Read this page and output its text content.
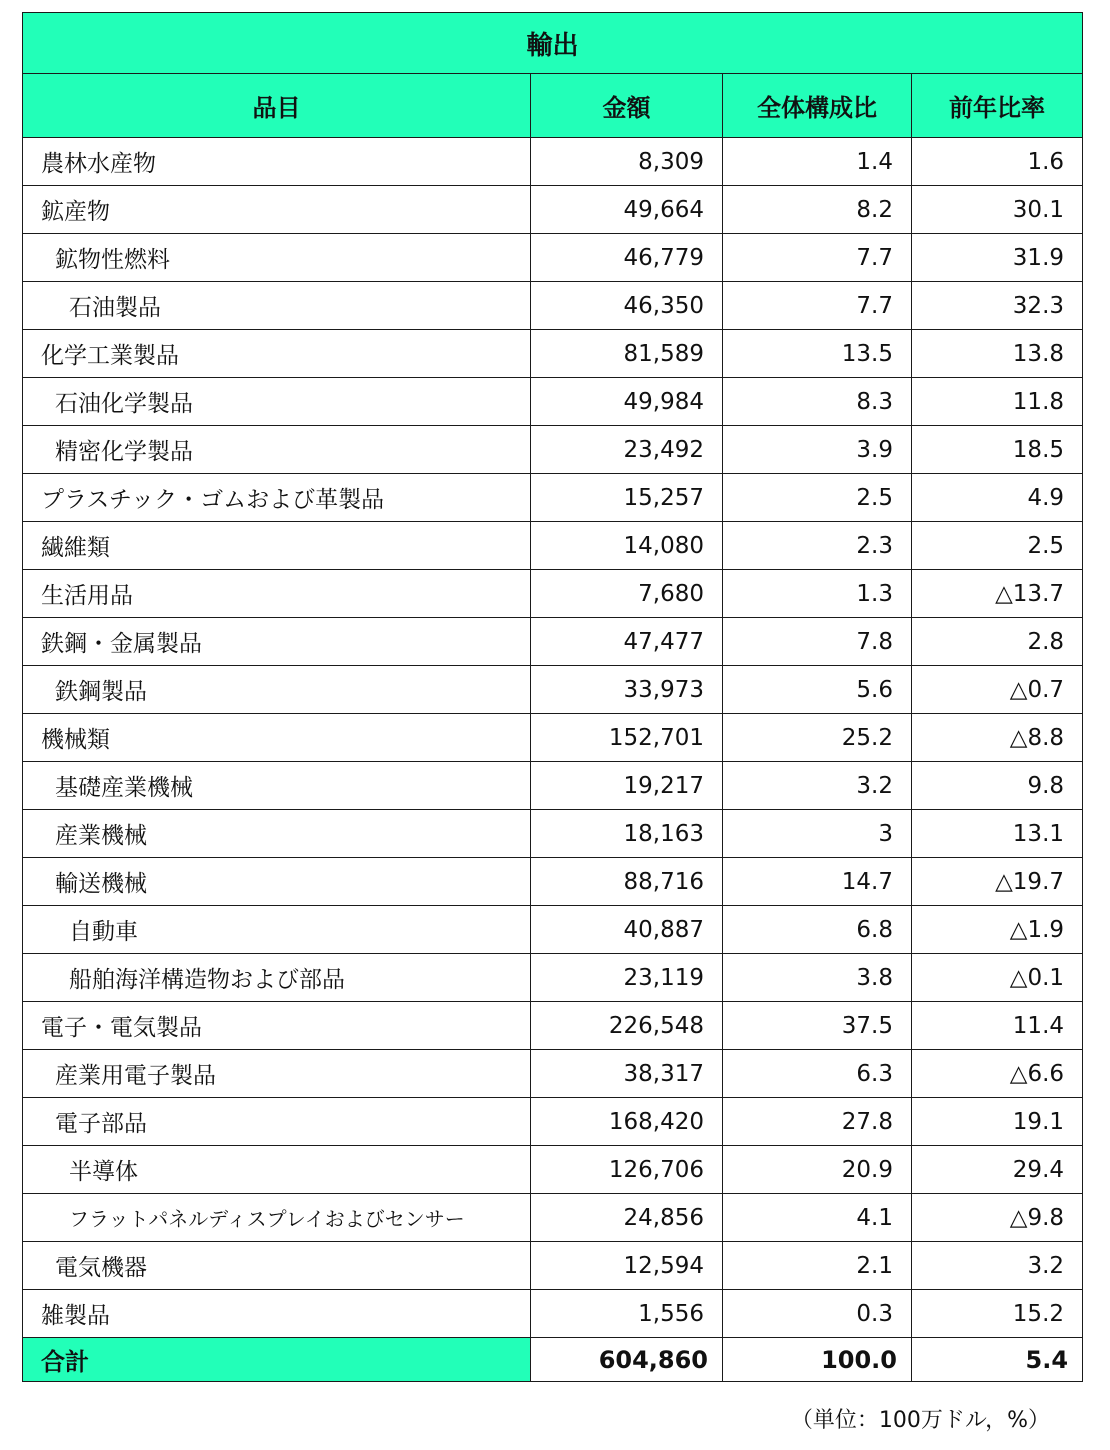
輸出			
品目	金額	全体構成比	前年比率
農林水産物	8,309	1.4	1.6
鉱産物	49,664	8.2	30.1
鉱物性燃料	46,779	7.7	31.9
石油製品	46,350	7.7	32.3
化学工業製品	81,589	13.5	13.8
石油化学製品	49,984	8.3	11.8
精密化学製品	23,492	3.9	18.5
プラスチック・ゴムおよび革製品	15,257	2.5	4.9
繊維類	14,080	2.3	2.5
生活用品	7,680	1.3	△13.7
鉄鋼・金属製品	47,477	7.8	2.8
鉄鋼製品	33,973	5.6	△0.7
機械類	152,701	25.2	△8.8
基礎産業機械	19,217	3.2	9.8
産業機械	18,163	3	13.1
輸送機械	88,716	14.7	△19.7
自動車	40,887	6.8	△1.9
船舶海洋構造物および部品	23,119	3.8	△0.1
電子・電気製品	226,548	37.5	11.4
産業用電子製品	38,317	6.3	△6.6
電子部品	168,420	27.8	19.1
半導体	126,706	20.9	29.4
フラットパネルディスプレイおよびセンサー	24,856	4.1	△9.8
電気機器	12,594	2.1	3.2
雑製品	1,556	0.3	15.2
合計	604,860	100.0	5.4
（単位：100万ドル，%）
